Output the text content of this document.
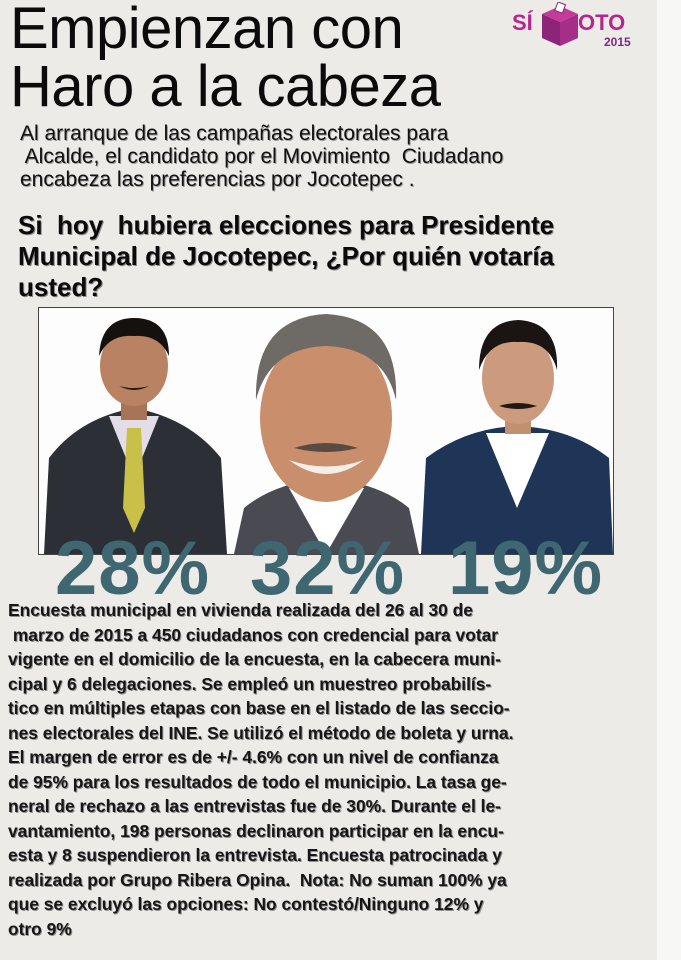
Empienzan con
Haro a la cabeza
SÍ OTO
2015
Al arranque de las campañas electorales para
Alcalde, el candidato por el Movimiento  Ciudadano
encabeza las preferencias por Jocotepec .
Si  hoy  hubiera elecciones para Presidente
Municipal de Jocotepec, ¿Por quién votaría
usted?
28% 32% 19%
Encuesta municipal en vivienda realizada del 26 al 30 de
marzo de 2015 a 450 ciudadanos con credencial para votar
vigente en el domicilio de la encuesta, en la cabecera muni-
cipal y 6 delegaciones. Se empleó un muestreo probabilís-
tico en múltiples etapas con base en el listado de las seccio-
nes electorales del INE. Se utilizó el método de boleta y urna.
El margen de error es de +/- 4.6% con un nivel de confianza
de 95% para los resultados de todo el municipio. La tasa ge-
neral de rechazo a las entrevistas fue de 30%. Durante el le-
vantamiento, 198 personas declinaron participar en la encu-
esta y 8 suspendieron la entrevista. Encuesta patrocinada y
realizada por Grupo Ribera Opina.  Nota: No suman 100% ya
que se excluyó las opciones: No contestó/Ninguno 12% y
otro 9%
